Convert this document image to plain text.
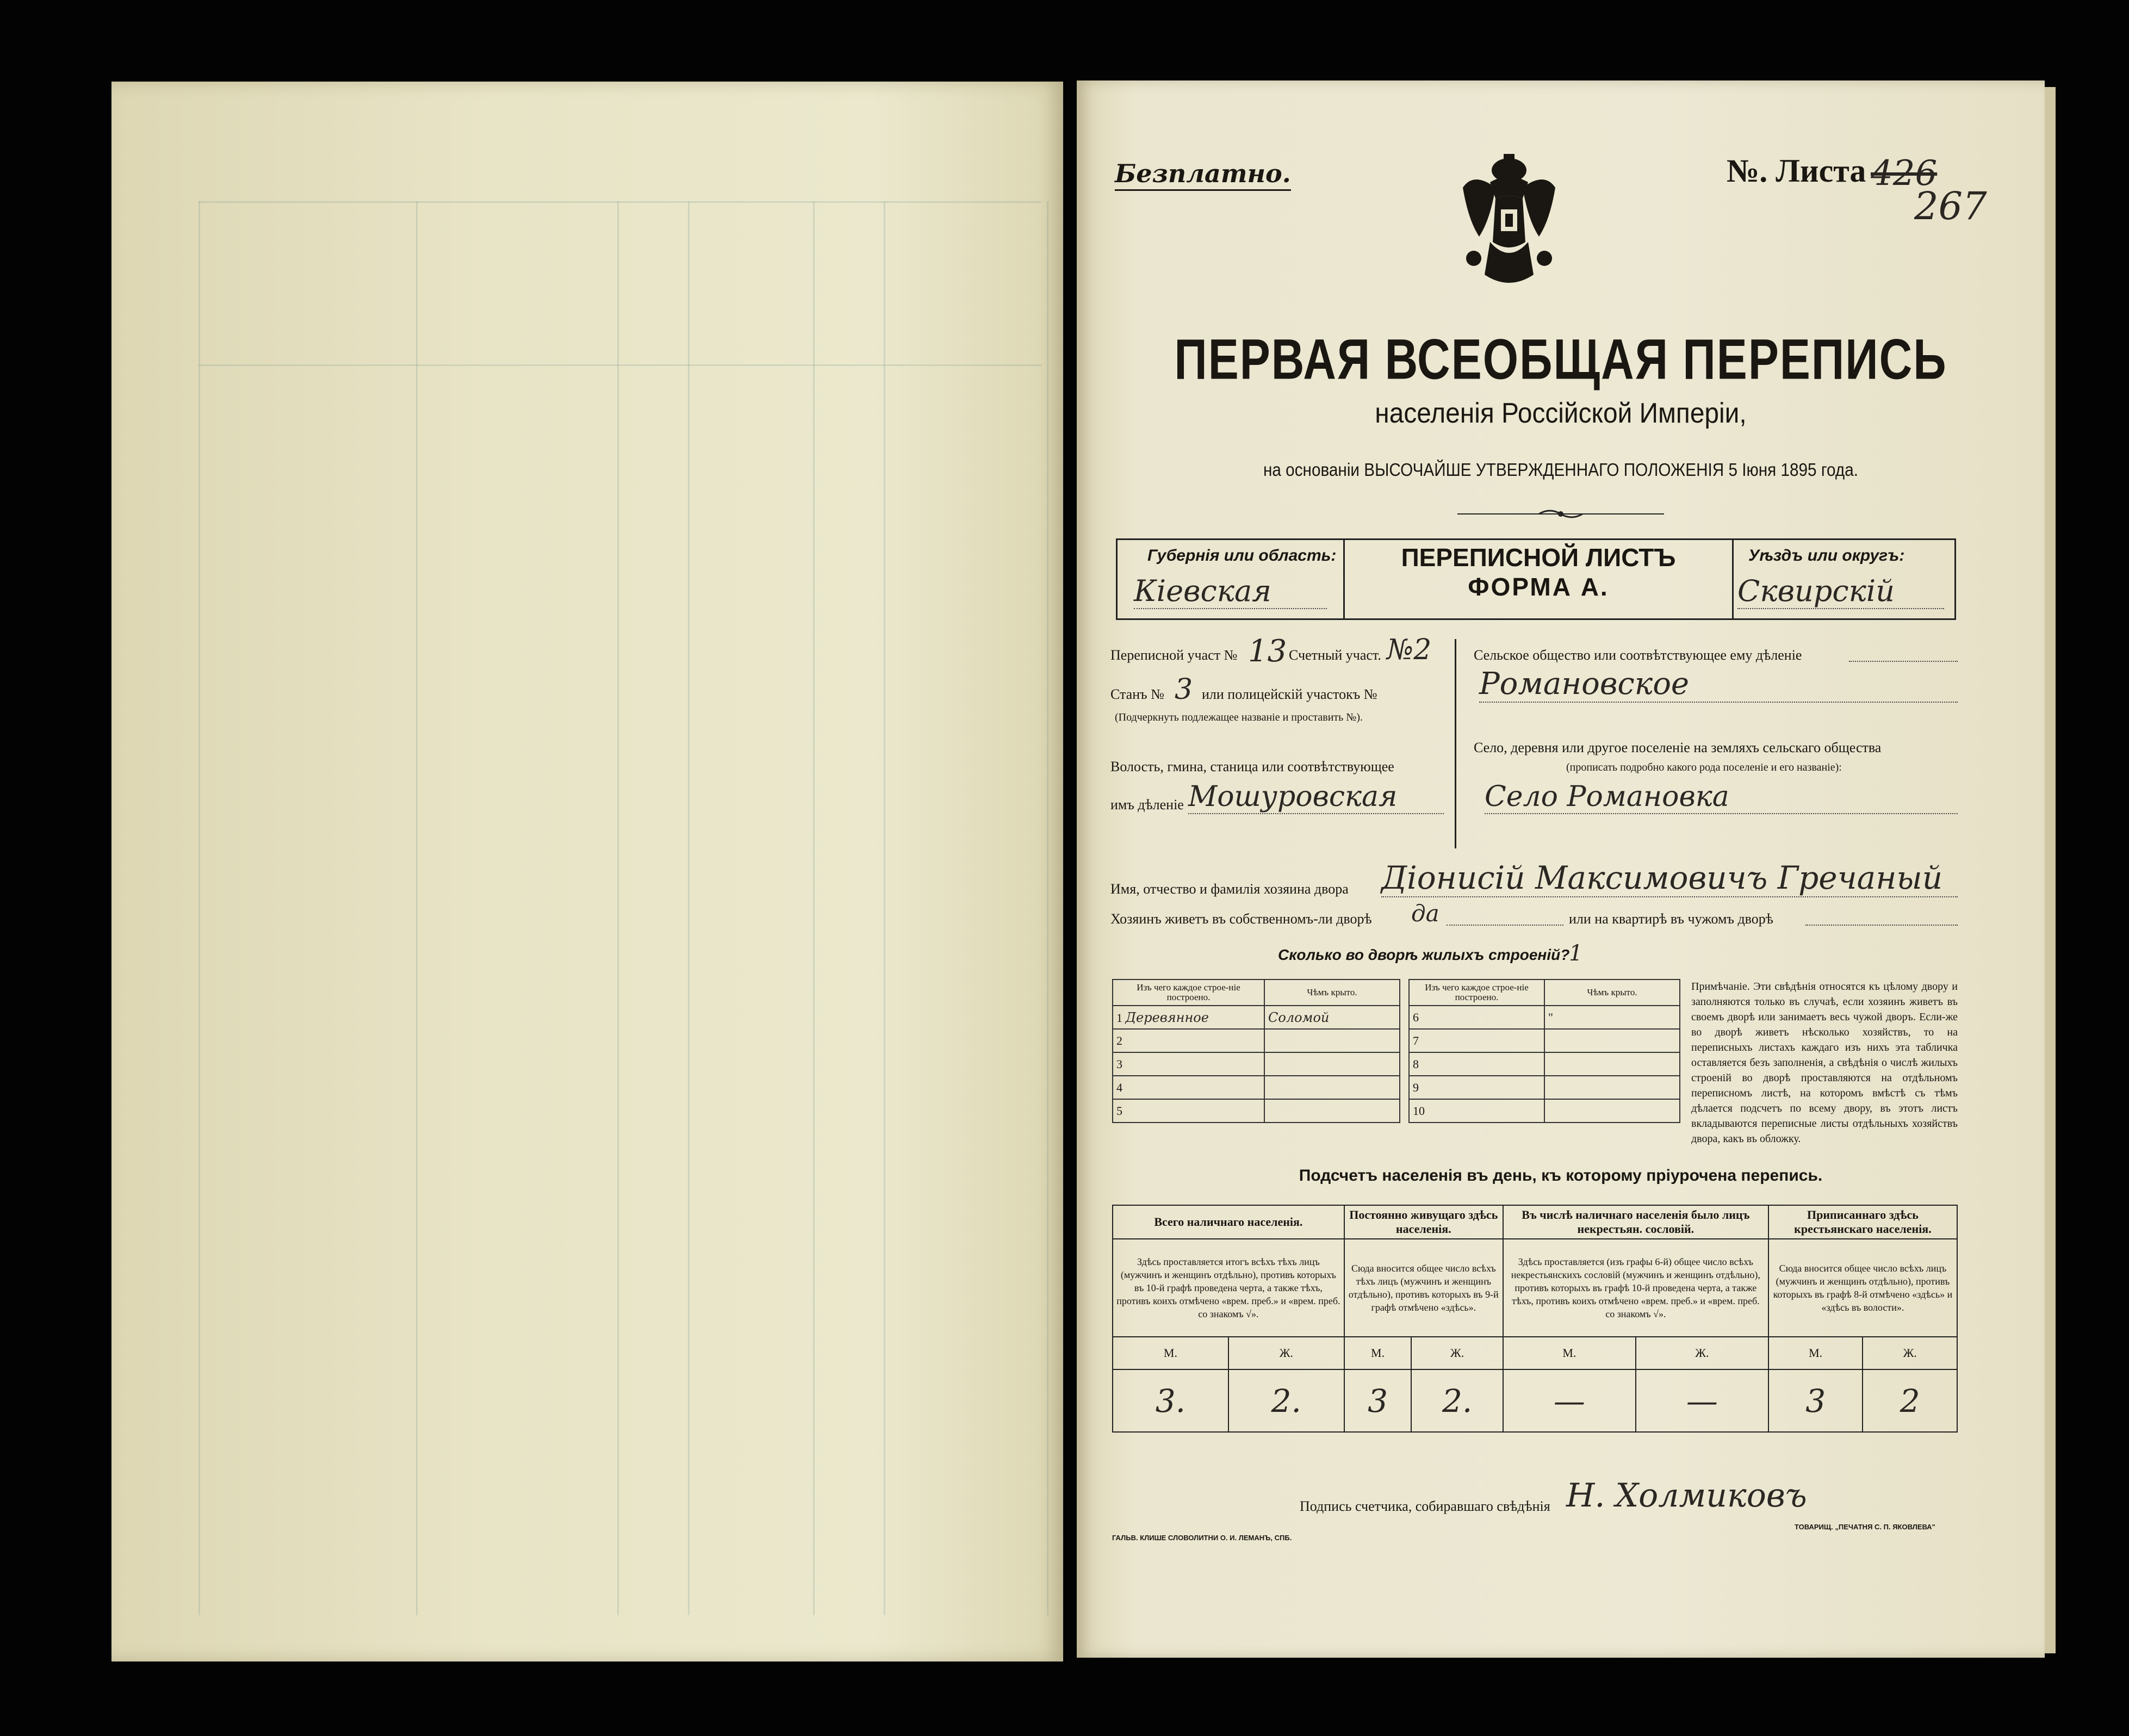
Безплатно.	№. Листа 426
267
ПЕРВАЯ ВСЕОБЩАЯ ПЕРЕПИСЬ
населенія Россійской Имперіи,
на основаніи ВЫСОЧАЙШЕ УТВЕРЖДЕННАГО ПОЛОЖЕНІЯ 5 Іюня 1895 года.
Губернія или область:
Кіевская
ПЕРЕПИСНОЙ ЛИСТЪ
ФОРМА А.
Уѣздъ или округъ:
Сквирскій
Переписной участ № 13 Счетный участ. №2
Станъ № 3 или полицейскій участокъ №
(Подчеркнуть подлежащее названіе и проставить №).
Волость, гмина, станица или соотвѣтствующее
имъ дѣленіе Мошуровская
Сельское общество или соотвѣтствующее ему дѣленіе
Романовское
Село, деревня или другое поселеніе на земляхъ сельскаго общества
(прописать подробно какого рода поселеніе и его названіе):
Село Романовка
Имя, отчество и фамилія хозяина двора Діонисій Максимовичъ Гречаный
Хозяинъ живетъ въ собственномъ-ли дворѣ да	или на квартирѣ въ чужомъ дворѣ
Сколько во дворѣ жилыхъ строеній?
1
Изъ чего каждое строе-ніе построено.	Чѣмъ крыто.
1 Деревянное	Соломой
2	
3	
4	
5	
Изъ чего каждое строе-ніе построено.	Чѣмъ крыто.
6	"
7	
8	
9	
10	
Примѣчаніе. Эти свѣдѣнія относятся къ цѣлому двору и заполняются только въ случаѣ, если хозяинъ живетъ въ своемъ дворѣ или занимаетъ весь чужой дворъ. Если-же во дворѣ живетъ нѣсколько хозяйствъ, то на переписныхъ листахъ каждаго изъ нихъ эта табличка оставляется безъ заполненія, а свѣдѣнія о числѣ жилыхъ строеній во дворѣ проставляются на отдѣльномъ переписномъ листѣ, на которомъ вмѣстѣ съ тѣмъ дѣлается подсчетъ по всему двору, въ этотъ листъ вкладываются переписные листы отдѣльныхъ хозяйствъ двора, какъ въ обложку.
Подсчетъ населенія въ день, къ которому пріурочена перепись.
Всего наличнаго населенія.		Постоянно живущаго здѣсь населенія.		Въ числѣ наличнаго населенія было лицъ некрестьян. сословій.		Приписаннаго здѣсь крестьянскаго населенія.	
Здѣсь проставляется итогъ всѣхъ тѣхъ лицъ (мужчинъ и женщинъ отдѣльно), противъ которыхъ въ 10-й графѣ проведена черта, а также тѣхъ, противъ коихъ отмѣчено «врем. преб.» и «врем. преб. со знакомъ √».		Сюда вносится общее число всѣхъ тѣхъ лицъ (мужчинъ и женщинъ отдѣльно), противъ которыхъ въ 9-й графѣ отмѣчено «здѣсь».		Здѣсь проставляется (изъ графы 6-й) общее число всѣхъ некрестьянскихъ сословій (мужчинъ и женщинъ отдѣльно), противъ которыхъ въ графѣ 10-й проведена черта, а также тѣхъ, противъ коихъ отмѣчено «врем. преб.» и «врем. преб. со знакомъ √».		Сюда вносится общее число всѣхъ лицъ (мужчинъ и женщинъ отдѣльно), противъ которыхъ въ графѣ 8-й отмѣчено «здѣсь» и «здѣсь въ волости».	
М.	Ж.	М.	Ж.	М.	Ж.	М.	Ж.
3.	2.	3	2.	—	—	3	2
Подпись счетчика, собиравшаго свѣдѣнія Н. Холмиковъ
ГАЛЬВ. КЛИШЕ СЛОВОЛИТНИ О. И. ЛЕМАНЪ, СПБ.
ТОВАРИЩ. „ПЕЧАТНЯ С. П. ЯКОВЛЕВА"
